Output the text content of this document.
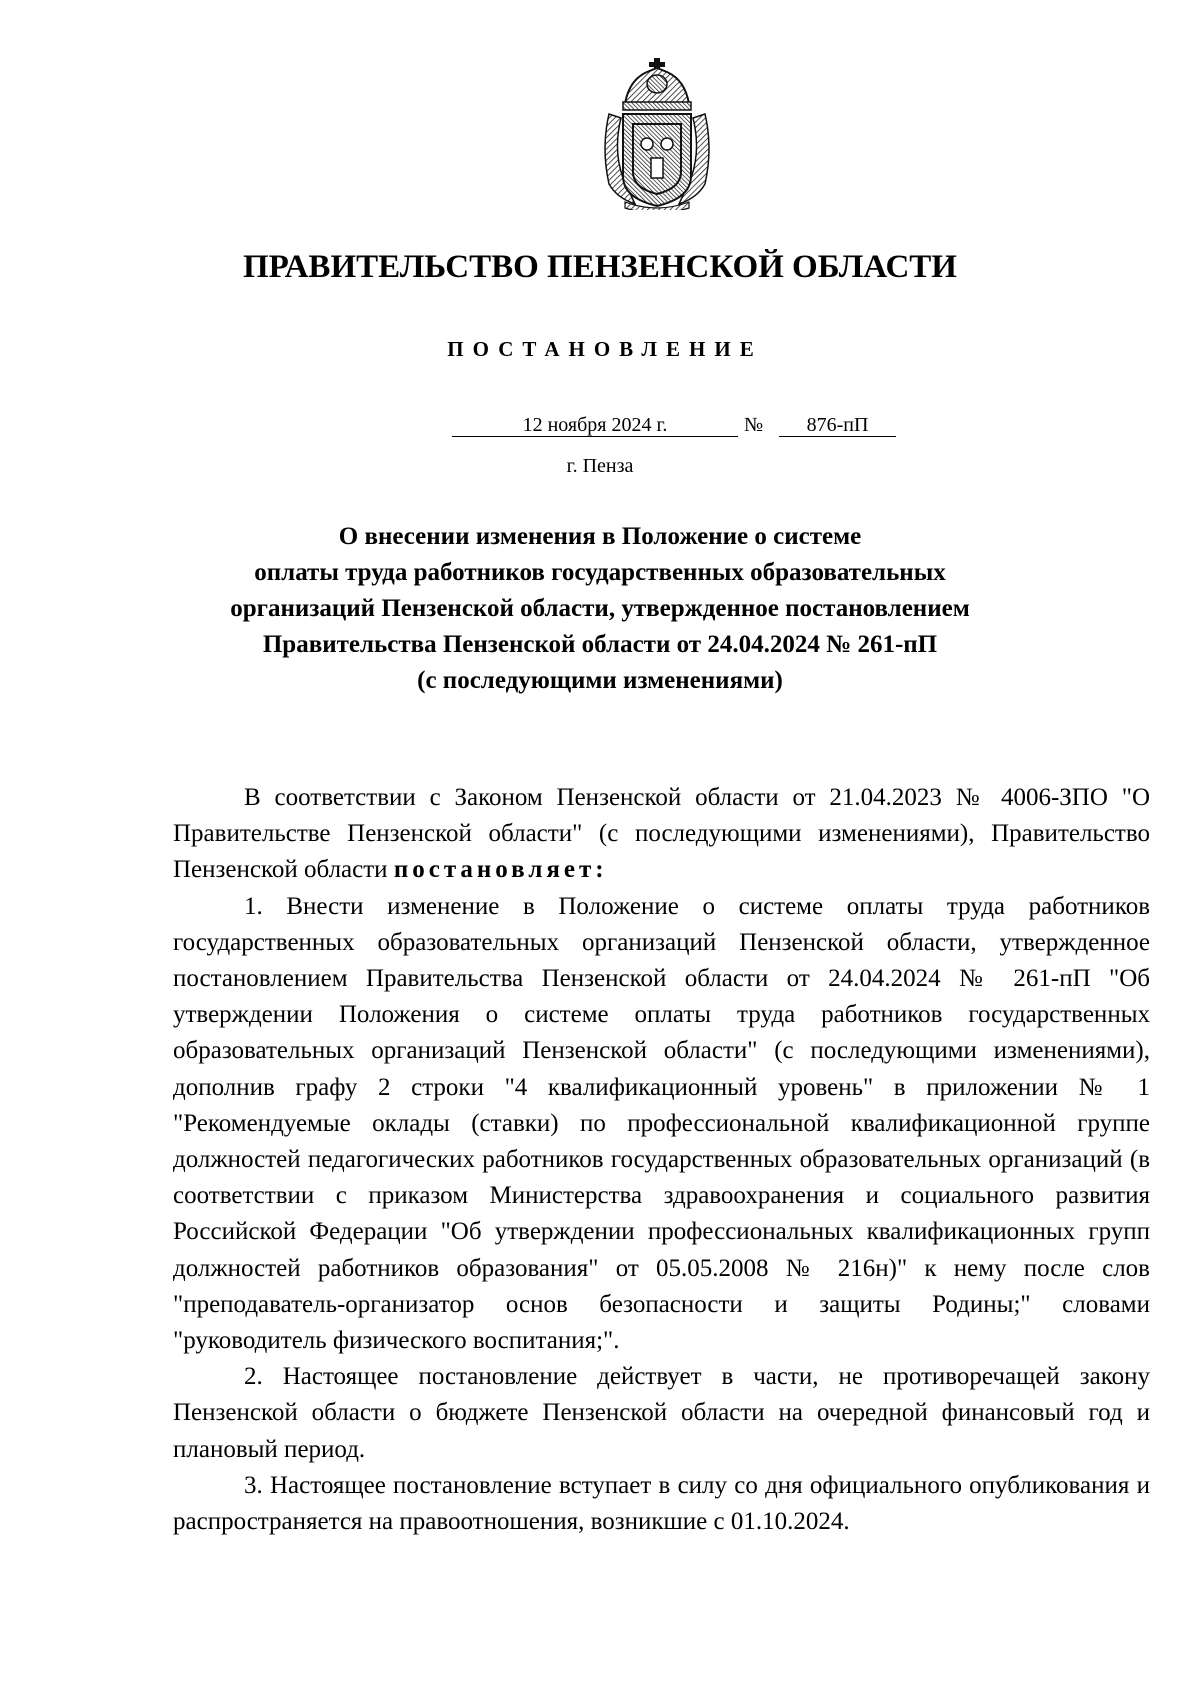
ПРАВИТЕЛЬСТВО ПЕНЗЕНСКОЙ ОБЛАСТИ
ПОСТАНОВЛЕНИЕ
12 ноября 2024 г.	№	876-пП
г. Пенза
О внесении изменения в Положение о системе
оплаты труда работников государственных образовательных
организаций Пензенской области, утвержденное постановлением
Правительства Пензенской области от 24.04.2024 № 261-пП
(с последующими изменениями)

В соответствии с Законом Пензенской области от 21.04.2023 № 4006-ЗПО "О Правительстве Пензенской области" (с последующими изменениями), Правительство Пензенской области постановляет:

1. Внести изменение в Положение о системе оплаты труда работников государственных образовательных организаций Пензенской области, утвержденное постановлением Правительства Пензенской области от 24.04.2024 № 261-пП "Об утверждении Положения о системе оплаты труда работников государственных образовательных организаций Пензенской области" (с последующими изменениями), дополнив графу 2 строки "4 квалификационный уровень" в приложении № 1 "Рекомендуемые оклады (ставки) по профессиональной квалификационной группе должностей педагогических работников государственных образовательных организаций (в соответствии с приказом Министерства здравоохранения и социального развития Российской Федерации "Об утверждении профессиональных квалификационных групп должностей работников образования" от 05.05.2008 № 216н)" к нему после слов "преподаватель-организатор основ безопасности и защиты Родины;" словами "руководитель физического воспитания;".

2. Настоящее постановление действует в части, не противоречащей закону Пензенской области о бюджете Пензенской области на очередной финансовый год и плановый период.

3. Настоящее постановление вступает в силу со дня официального опубликования и распространяется на правоотношения, возникшие с 01.10.2024.
